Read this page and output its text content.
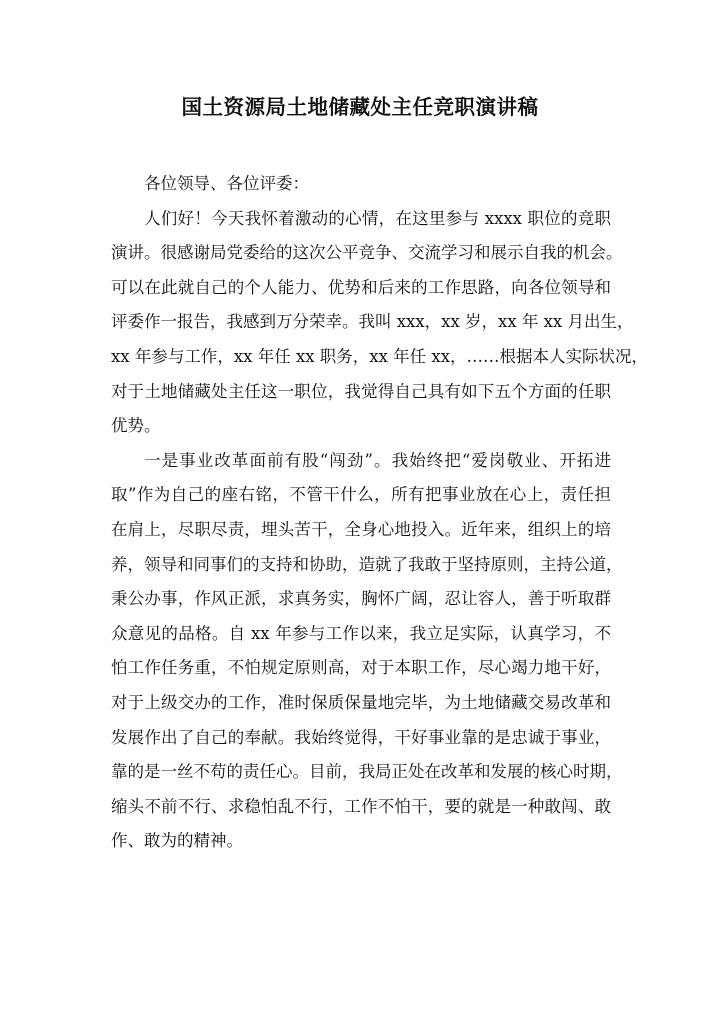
国土资源局土地储藏处主任竞职演讲稿
各位领导、各位评委：
人们好！今天我怀着激动的心情，在这里参与 xxxx 职位的竞职
演讲。很感谢局党委给的这次公平竞争、交流学习和展示自我的机会。
可以在此就自己的个人能力、优势和后来的工作思路，向各位领导和
评委作一报告，我感到万分荣幸。我叫 xxx，xx 岁，xx 年 xx 月出生，
xx 年参与工作，xx 年任 xx 职务，xx 年任 xx，……根据本人实际状况，
对于土地储藏处主任这一职位，我觉得自己具有如下五个方面的任职
优势。
一是事业改革面前有股“闯劲”。我始终把“爱岗敬业、开拓进
取”作为自己的座右铭，不管干什么，所有把事业放在心上，责任担
在肩上，尽职尽责，埋头苦干，全身心地投入。近年来，组织上的培
养，领导和同事们的支持和协助，造就了我敢于坚持原则，主持公道，
秉公办事，作风正派，求真务实，胸怀广阔，忍让容人，善于听取群
众意见的品格。自 xx 年参与工作以来，我立足实际，认真学习，不
怕工作任务重，不怕规定原则高，对于本职工作，尽心竭力地干好，
对于上级交办的工作，准时保质保量地完毕，为土地储藏交易改革和
发展作出了自己的奉献。我始终觉得，干好事业靠的是忠诚于事业，
靠的是一丝不苟的责任心。目前，我局正处在改革和发展的核心时期，
缩头不前不行、求稳怕乱不行，工作不怕干，要的就是一种敢闯、敢
作、敢为的精神。
